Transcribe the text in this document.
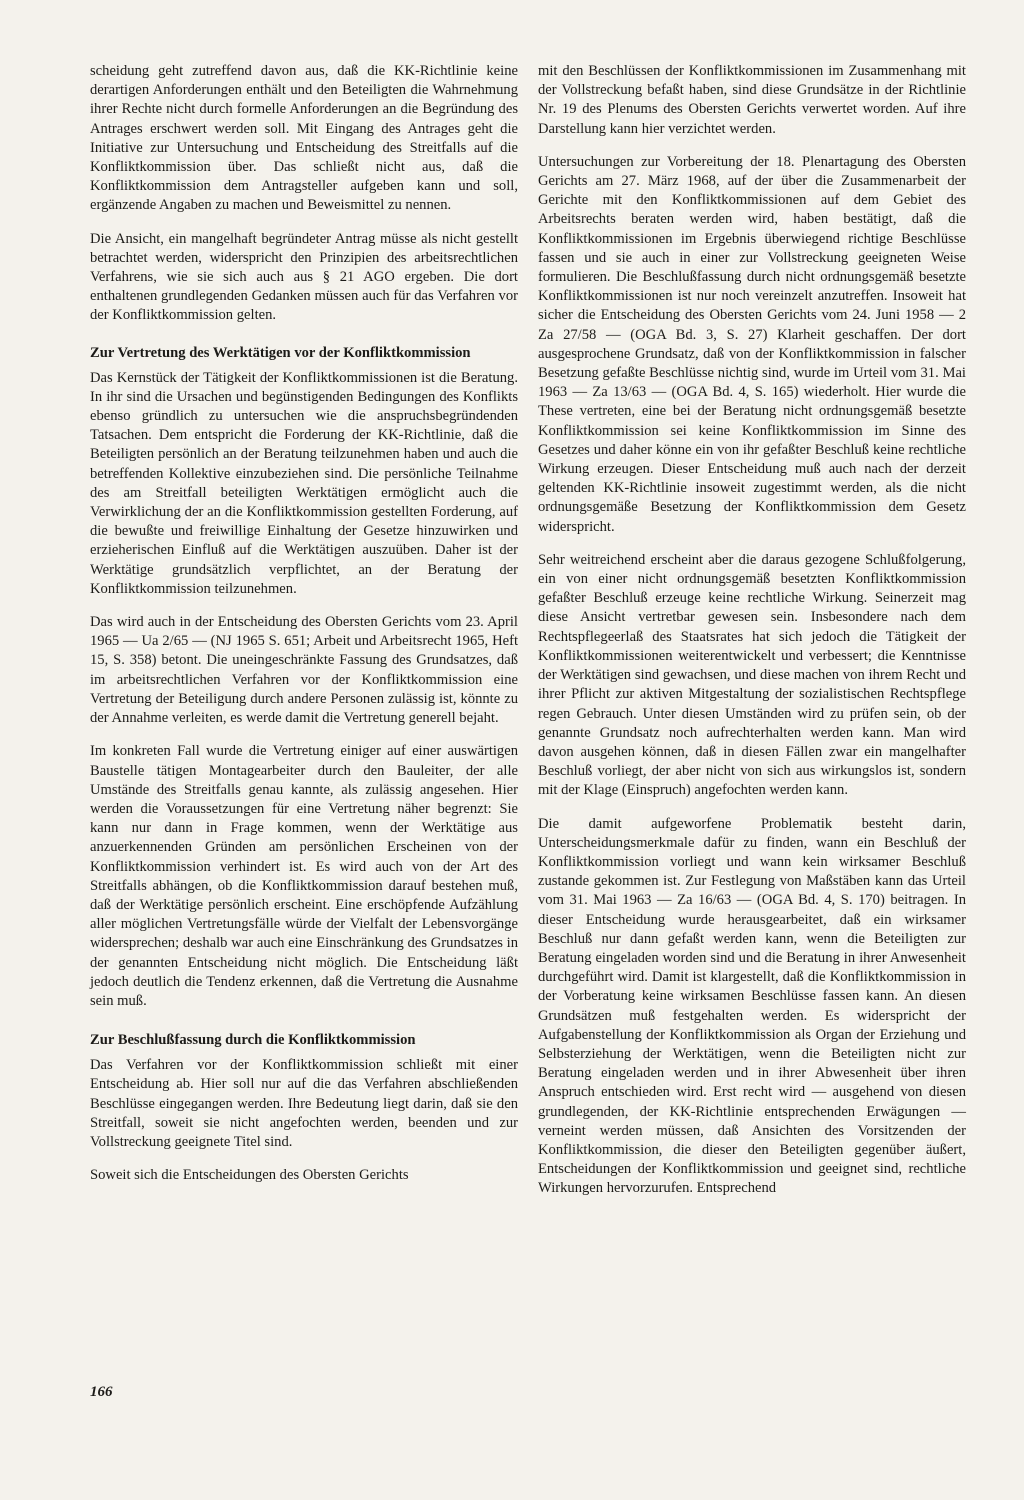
scheidung geht zutreffend davon aus, daß die KK-Richtlinie keine derartigen Anforderungen enthält und den Beteiligten die Wahrnehmung ihrer Rechte nicht durch formelle Anforderungen an die Begründung des Antrages erschwert werden soll. Mit Eingang des Antrages geht die Initiative zur Untersuchung und Entscheidung des Streitfalls auf die Konfliktkommission über. Das schließt nicht aus, daß die Konfliktkommission dem Antragsteller aufgeben kann und soll, ergänzende Angaben zu machen und Beweismittel zu nennen.

Die Ansicht, ein mangelhaft begründeter Antrag müsse als nicht gestellt betrachtet werden, widerspricht den Prinzipien des arbeitsrechtlichen Verfahrens, wie sie sich auch aus § 21 AGO ergeben. Die dort enthaltenen grundlegenden Gedanken müssen auch für das Verfahren vor der Konfliktkommission gelten.

Zur Vertretung des Werktätigen vor der Konfliktkommission

Das Kernstück der Tätigkeit der Konfliktkommissionen ist die Beratung. In ihr sind die Ursachen und begünstigenden Bedingungen des Konflikts ebenso gründlich zu untersuchen wie die anspruchsbegründenden Tatsachen. Dem entspricht die Forderung der KK-Richtlinie, daß die Beteiligten persönlich an der Beratung teilzunehmen haben und auch die betreffenden Kollektive einzubeziehen sind. Die persönliche Teilnahme des am Streitfall beteiligten Werktätigen ermöglicht auch die Verwirklichung der an die Konfliktkommission gestellten Forderung, auf die bewußte und freiwillige Einhaltung der Gesetze hinzuwirken und erzieherischen Einfluß auf die Werktätigen auszuüben. Daher ist der Werktätige grundsätzlich verpflichtet, an der Beratung der Konfliktkommission teilzunehmen.

Das wird auch in der Entscheidung des Obersten Gerichts vom 23. April 1965 — Ua 2/65 — (NJ 1965 S. 651; Arbeit und Arbeitsrecht 1965, Heft 15, S. 358) betont. Die uneingeschränkte Fassung des Grundsatzes, daß im arbeitsrechtlichen Verfahren vor der Konfliktkommission eine Vertretung der Beteiligung durch andere Personen zulässig ist, könnte zu der Annahme verleiten, es werde damit die Vertretung generell bejaht.

Im konkreten Fall wurde die Vertretung einiger auf einer auswärtigen Baustelle tätigen Montagearbeiter durch den Bauleiter, der alle Umstände des Streitfalls genau kannte, als zulässig angesehen. Hier werden die Voraussetzungen für eine Vertretung näher begrenzt: Sie kann nur dann in Frage kommen, wenn der Werktätige aus anzuerkennenden Gründen am persönlichen Erscheinen von der Konfliktkommission verhindert ist. Es wird auch von der Art des Streitfalls abhängen, ob die Konfliktkommission darauf bestehen muß, daß der Werktätige persönlich erscheint. Eine erschöpfende Aufzählung aller möglichen Vertretungsfälle würde der Vielfalt der Lebensvorgänge widersprechen; deshalb war auch eine Einschränkung des Grundsatzes in der genannten Entscheidung nicht möglich. Die Entscheidung läßt jedoch deutlich die Tendenz erkennen, daß die Vertretung die Ausnahme sein muß.

Zur Beschlußfassung durch die Konfliktkommission

Das Verfahren vor der Konfliktkommission schließt mit einer Entscheidung ab. Hier soll nur auf die das Verfahren abschließenden Beschlüsse eingegangen werden. Ihre Bedeutung liegt darin, daß sie den Streitfall, soweit sie nicht angefochten werden, beenden und zur Vollstreckung geeignete Titel sind.

Soweit sich die Entscheidungen des Obersten Gerichts

mit den Beschlüssen der Konfliktkommissionen im Zusammenhang mit der Vollstreckung befaßt haben, sind diese Grundsätze in der Richtlinie Nr. 19 des Plenums des Obersten Gerichts verwertet worden. Auf ihre Darstellung kann hier verzichtet werden.

Untersuchungen zur Vorbereitung der 18. Plenartagung des Obersten Gerichts am 27. März 1968, auf der über die Zusammenarbeit der Gerichte mit den Konfliktkommissionen auf dem Gebiet des Arbeitsrechts beraten werden wird, haben bestätigt, daß die Konfliktkommissionen im Ergebnis überwiegend richtige Beschlüsse fassen und sie auch in einer zur Vollstreckung geeigneten Weise formulieren. Die Beschlußfassung durch nicht ordnungsgemäß besetzte Konfliktkommissionen ist nur noch vereinzelt anzutreffen. Insoweit hat sicher die Entscheidung des Obersten Gerichts vom 24. Juni 1958 — 2 Za 27/58 — (OGA Bd. 3, S. 27) Klarheit geschaffen. Der dort ausgesprochene Grundsatz, daß von der Konfliktkommission in falscher Besetzung gefaßte Beschlüsse nichtig sind, wurde im Urteil vom 31. Mai 1963 — Za 13/63 — (OGA Bd. 4, S. 165) wiederholt. Hier wurde die These vertreten, eine bei der Beratung nicht ordnungsgemäß besetzte Konfliktkommission sei keine Konfliktkommission im Sinne des Gesetzes und daher könne ein von ihr gefaßter Beschluß keine rechtliche Wirkung erzeugen. Dieser Entscheidung muß auch nach der derzeit geltenden KK-Richtlinie insoweit zugestimmt werden, als die nicht ordnungsgemäße Besetzung der Konfliktkommission dem Gesetz widerspricht.

Sehr weitreichend erscheint aber die daraus gezogene Schlußfolgerung, ein von einer nicht ordnungsgemäß besetzten Konfliktkommission gefaßter Beschluß erzeuge keine rechtliche Wirkung. Seinerzeit mag diese Ansicht vertretbar gewesen sein. Insbesondere nach dem Rechtspflegeerlaß des Staatsrates hat sich jedoch die Tätigkeit der Konfliktkommissionen weiterentwickelt und verbessert; die Kenntnisse der Werktätigen sind gewachsen, und diese machen von ihrem Recht und ihrer Pflicht zur aktiven Mitgestaltung der sozialistischen Rechtspflege regen Gebrauch. Unter diesen Umständen wird zu prüfen sein, ob der genannte Grundsatz noch aufrechterhalten werden kann. Man wird davon ausgehen können, daß in diesen Fällen zwar ein mangelhafter Beschluß vorliegt, der aber nicht von sich aus wirkungslos ist, sondern mit der Klage (Einspruch) angefochten werden kann.

Die damit aufgeworfene Problematik besteht darin, Unterscheidungsmerkmale dafür zu finden, wann ein Beschluß der Konfliktkommission vorliegt und wann kein wirksamer Beschluß zustande gekommen ist. Zur Festlegung von Maßstäben kann das Urteil vom 31. Mai 1963 — Za 16/63 — (OGA Bd. 4, S. 170) beitragen. In dieser Entscheidung wurde herausgearbeitet, daß ein wirksamer Beschluß nur dann gefaßt werden kann, wenn die Beteiligten zur Beratung eingeladen worden sind und die Beratung in ihrer Anwesenheit durchgeführt wird. Damit ist klargestellt, daß die Konfliktkommission in der Vorberatung keine wirksamen Beschlüsse fassen kann. An diesen Grundsätzen muß festgehalten werden. Es widerspricht der Aufgabenstellung der Konfliktkommission als Organ der Erziehung und Selbsterziehung der Werktätigen, wenn die Beteiligten nicht zur Beratung eingeladen werden und in ihrer Abwesenheit über ihren Anspruch entschieden wird. Erst recht wird — ausgehend von diesen grundlegenden, der KK-Richtlinie entsprechenden Erwägungen — verneint werden müssen, daß Ansichten des Vorsitzenden der Konfliktkommission, die dieser den Beteiligten gegenüber äußert, Entscheidungen der Konfliktkommission und geeignet sind, rechtliche Wirkungen hervorzurufen. Entsprechend

166
